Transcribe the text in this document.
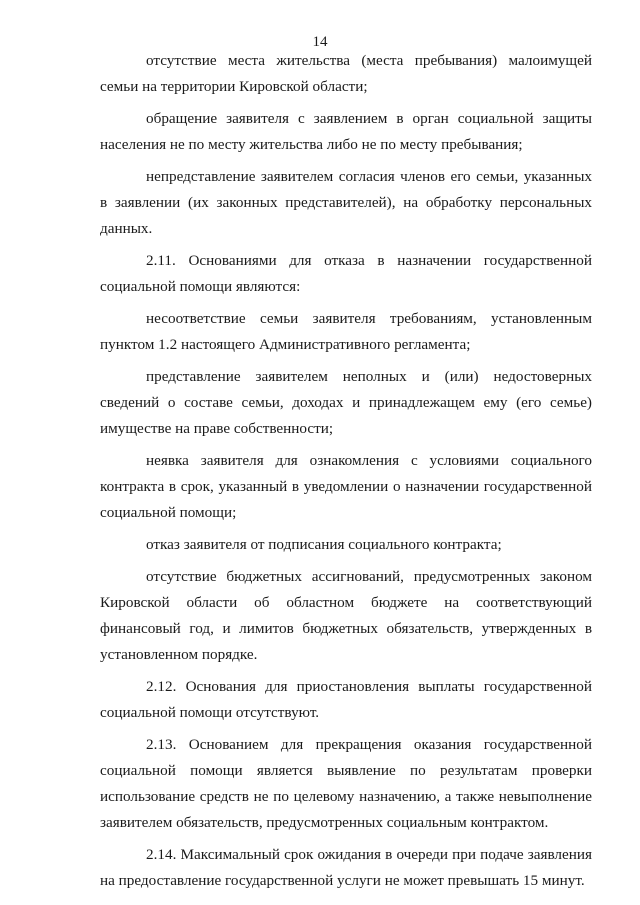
14

отсутствие места жительства (места пребывания) малоимущей семьи на территории Кировской области;

обращение заявителя с заявлением в орган социальной защиты населения не по месту жительства либо не по месту пребывания;

непредставление заявителем согласия членов его семьи, указанных в заявлении (их законных представителей), на обработку персональных данных.

2.11. Основаниями для отказа в назначении государственной социальной помощи являются:

несоответствие семьи заявителя требованиям, установленным пунктом 1.2 настоящего Административного регламента;

представление заявителем неполных и (или) недостоверных сведений о составе семьи, доходах и принадлежащем ему (его семье) имуществе на праве собственности;

неявка заявителя для ознакомления с условиями социального контракта в срок, указанный в уведомлении о назначении государственной социальной помощи;

отказ заявителя от подписания социального контракта;

отсутствие бюджетных ассигнований, предусмотренных законом Кировской области об областном бюджете на соответствующий финансовый год, и лимитов бюджетных обязательств, утвержденных в установленном порядке.

2.12. Основания для приостановления выплаты государственной социальной помощи отсутствуют.

2.13. Основанием для прекращения оказания государственной социальной помощи является выявление по результатам проверки использование средств не по целевому назначению, а также невыполнение заявителем обязательств, предусмотренных социальным контрактом.

2.14. Максимальный срок ожидания в очереди при подаче заявления на предоставление государственной услуги не может превышать 15 минут.
